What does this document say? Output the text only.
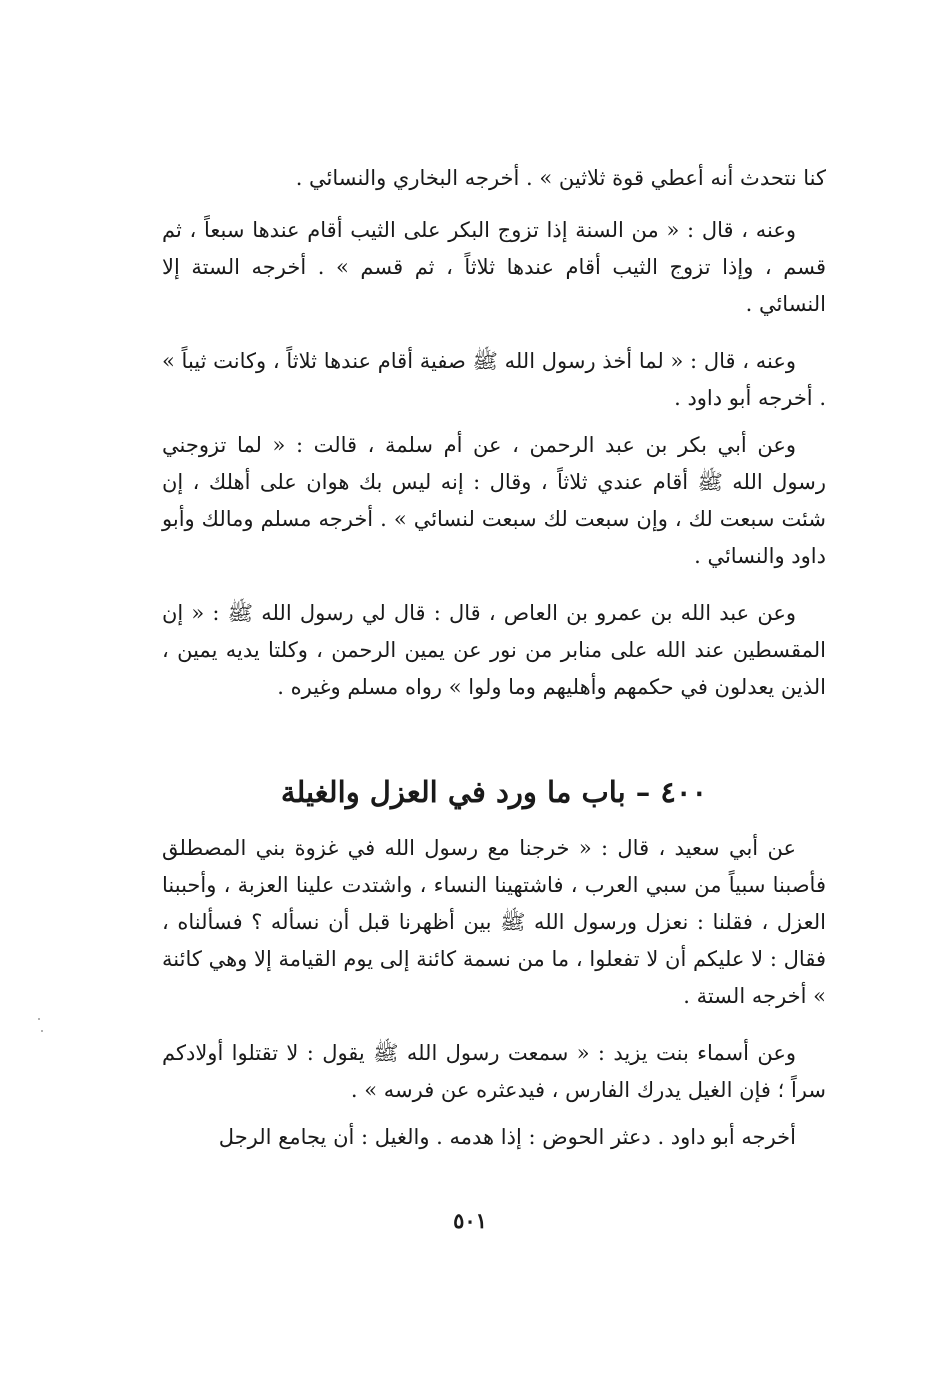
كنا نتحدث أنه أعطي قوة ثلاثين » . أخرجه البخاري والنسائي .

وعنه ، قال : « من السنة إذا تزوج البكر على الثيب أقام عندها سبعاً ، ثم قسم ، وإذا تزوج الثيب أقام عندها ثلاثاً ، ثم قسم » . أخرجه الستة إلا النسائي .

وعنه ، قال : « لما أخذ رسول الله ﷺ صفية أقام عندها ثلاثاً ، وكانت ثيباً » . أخرجه أبو داود .

وعن أبي بكر بن عبد الرحمن ، عن أم سلمة ، قالت : « لما تزوجني رسول الله ﷺ أقام عندي ثلاثاً ، وقال : إنه ليس بك هوان على أهلك ، إن شئت سبعت لك ، وإن سبعت لك سبعت لنسائي » . أخرجه مسلم ومالك وأبو داود والنسائي .

وعن عبد الله بن عمرو بن العاص ، قال : قال لي رسول الله ﷺ : « إن المقسطين عند الله على منابر من نور عن يمين الرحمن ، وكلتا يديه يمين ، الذين يعدلون في حكمهم وأهليهم وما ولوا » رواه مسلم وغيره .

٤٠٠ – باب ما ورد في العزل والغيلة

عن أبي سعيد ، قال : « خرجنا مع رسول الله في غزوة بني المصطلق فأصبنا سبياً من سبي العرب ، فاشتهينا النساء ، واشتدت علينا العزبة ، وأحببنا العزل ، فقلنا : نعزل ورسول الله ﷺ بين أظهرنا قبل أن نسأله ؟ فسألناه ، فقال : لا عليكم أن لا تفعلوا ، ما من نسمة كائنة إلى يوم القيامة إلا وهي كائنة » أخرجه الستة .

وعن أسماء بنت يزيد : « سمعت رسول الله ﷺ يقول : لا تقتلوا أولادكم سراً ؛ فإن الغيل يدرك الفارس ، فيدعثره عن فرسه » .

أخرجه أبو داود . دعثر الحوض : إذا هدمه . والغيل : أن يجامع الرجل

٥٠١
